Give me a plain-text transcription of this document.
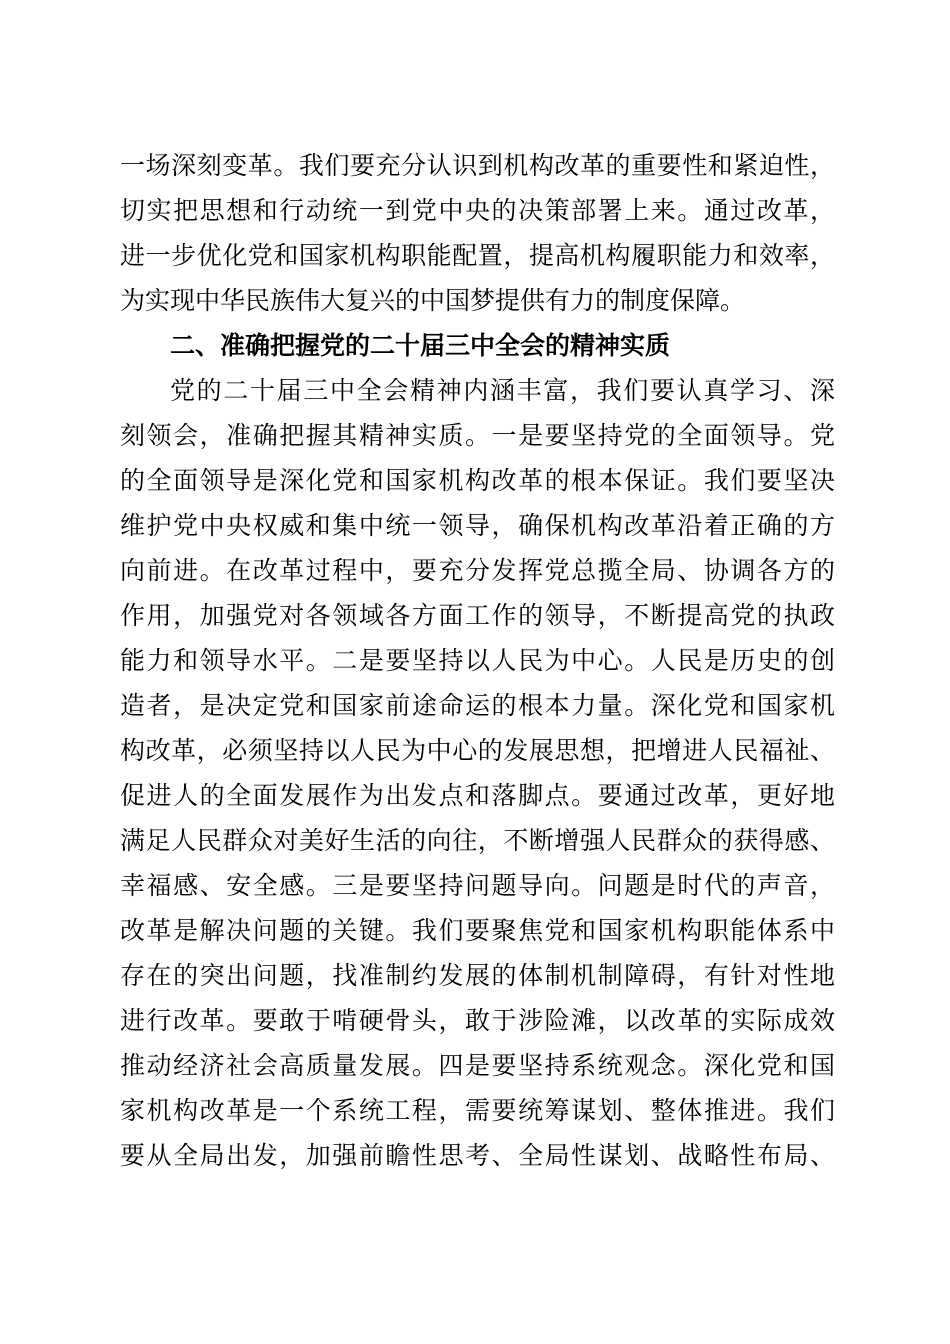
一场深刻变革。我们要充分认识到机构改革的重要性和紧迫性，
切实把思想和行动统一到党中央的决策部署上来。通过改革，
进一步优化党和国家机构职能配置，提高机构履职能力和效率，
为实现中华民族伟大复兴的中国梦提供有力的制度保障。
二、准确把握党的二十届三中全会的精神实质
党的二十届三中全会精神内涵丰富，我们要认真学习、深
刻领会，准确把握其精神实质。一是要坚持党的全面领导。党
的全面领导是深化党和国家机构改革的根本保证。我们要坚决
维护党中央权威和集中统一领导，确保机构改革沿着正确的方
向前进。在改革过程中，要充分发挥党总揽全局、协调各方的
作用，加强党对各领域各方面工作的领导，不断提高党的执政
能力和领导水平。二是要坚持以人民为中心。人民是历史的创
造者，是决定党和国家前途命运的根本力量。深化党和国家机
构改革，必须坚持以人民为中心的发展思想，把增进人民福祉、
促进人的全面发展作为出发点和落脚点。要通过改革，更好地
满足人民群众对美好生活的向往，不断增强人民群众的获得感、
幸福感、安全感。三是要坚持问题导向。问题是时代的声音，
改革是解决问题的关键。我们要聚焦党和国家机构职能体系中
存在的突出问题，找准制约发展的体制机制障碍，有针对性地
进行改革。要敢于啃硬骨头，敢于涉险滩，以改革的实际成效
推动经济社会高质量发展。四是要坚持系统观念。深化党和国
家机构改革是一个系统工程，需要统筹谋划、整体推进。我们
要从全局出发，加强前瞻性思考、全局性谋划、战略性布局、
